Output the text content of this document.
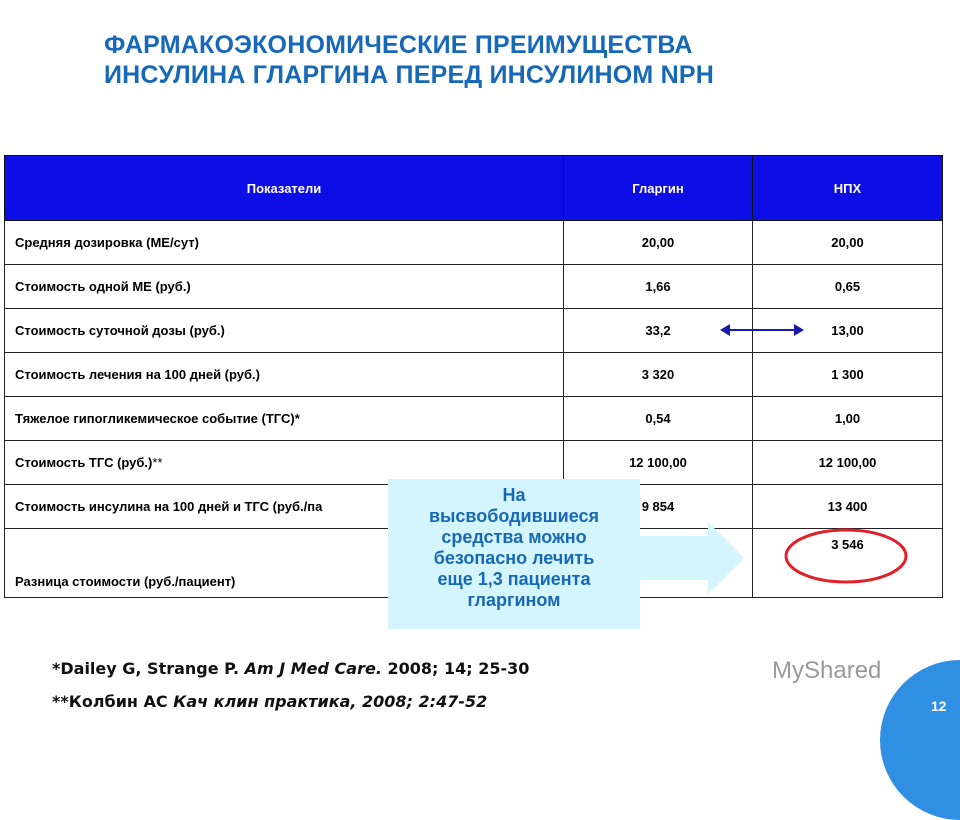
ФАРМАКОЭКОНОМИЧЕСКИЕ ПРЕИМУЩЕСТВА
ИНСУЛИНА ГЛАРГИНА ПЕРЕД ИНСУЛИНОМ NPH
Показатели	Гларгин	НПХ
Средняя дозировка (МЕ/сут)	20,00	20,00
Стоимость одной МЕ (руб.)	1,66	0,65
Стоимость суточной дозы (руб.)	33,2	13,00
Стоимость лечения на 100 дней (руб.)	3 320	1 300
Тяжелое гипогликемическое событие (ТГС)*	0,54	1,00
Стоимость ТГС (руб.)**	12 100,00	12 100,00
Стоимость инсулина на 100 дней и ТГС (руб./па	9 854	13 400
Разница стоимости (руб./пациент)		3 546
На
высвободившиеся
средства можно
безопасно лечить
еще 1,3 пациента
гларгином
*Dailey G, Strange P. Am J Med Care. 2008; 14; 25-30
**Колбин АС Кач клин практика, 2008; 2:47-52
MyShared
12
